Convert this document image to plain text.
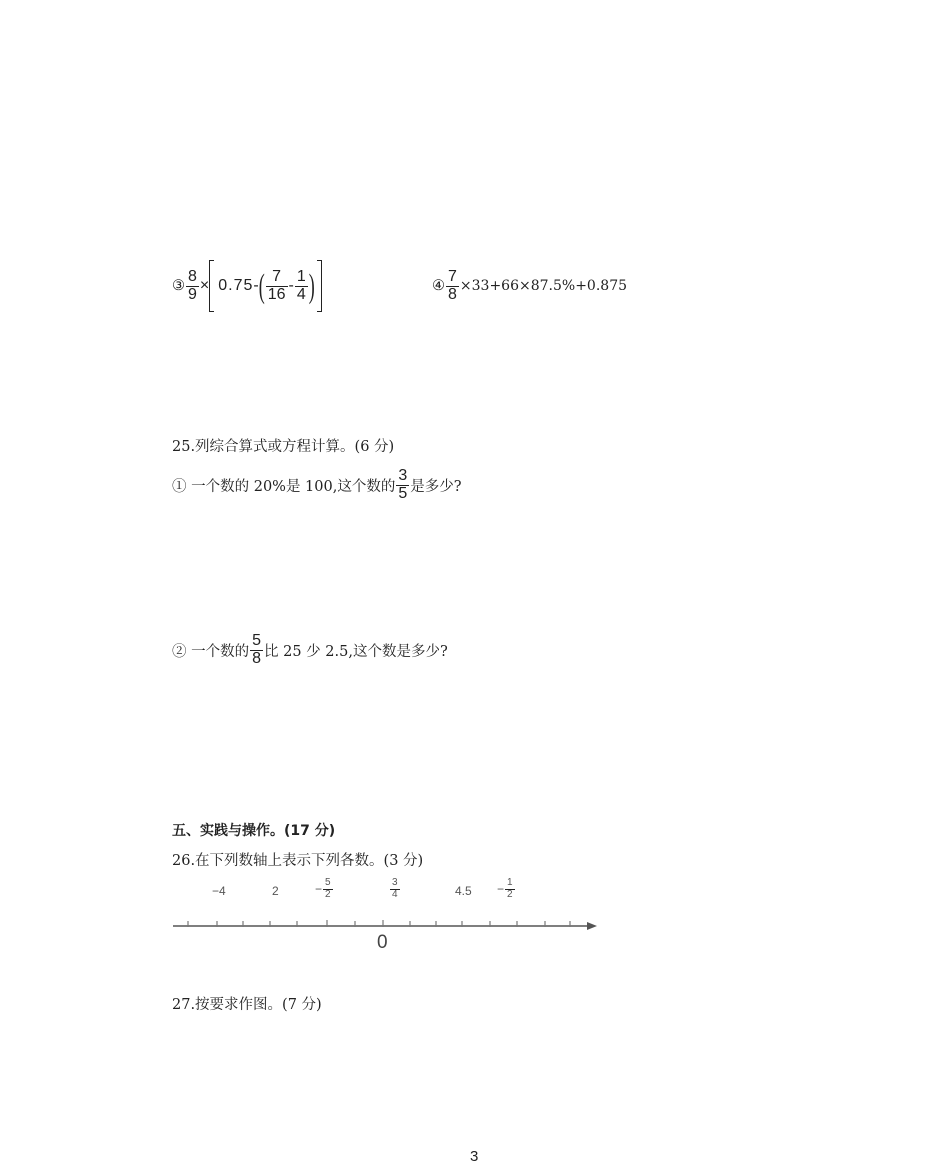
③ $\frac{8}{9} \times 0.75$ - ( $\frac{7}{16} - \frac{1}{4}$ )	④ $\frac{7}{8} \times 33+66\times 87.5\%+0.875$
25.列综合算式或方程计算。(6 分)
① 一个数的 20%是 100,这个数的 $\frac{3}{5}$ 是多少?
② 一个数的 $\frac{5}{8}$ 比 25 少 2.5,这个数是多少?
五、实践与操作。(17 分)
26.在下列数轴上表示下列各数。(3 分)
−4	2	− $\frac{5}{2}$	$\frac{3}{4}$	$4.5 - \frac{1}{2}$
0
27.按要求作图。(7 分)
3
